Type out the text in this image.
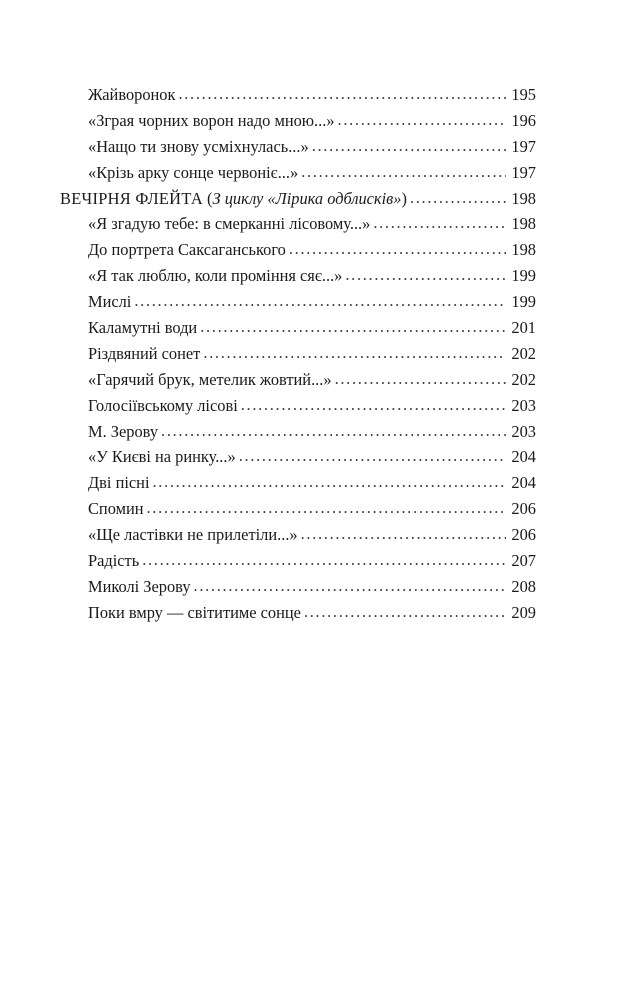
Жайворонок . . .	195
«Зграя чорних ворон надо мною...» . . .	196
«Нащо ти знову усміхнулась...» . . .	197
«Крізь арку сонце червоніє...» . . .	197
ВЕЧІРНЯ ФЛЕЙТА (З циклу «Лірика одблисків») . . .	198
«Я згадую тебе: в смерканні лісовому...» . . .	198
До портрета Саксаганського . . .	198
«Я так люблю, коли проміння сяє...» . . .	199
Мислі . . .	199
Каламутні води . . .	201
Різдвяний сонет . . .	202
«Гарячий брук, метелик жовтий...» . . .	202
Голосіївському лісові . . .	203
М. Зерову . . .	203
«У Києві на ринку...» . . .	204
Дві пісні . . .	204
Спомин . . .	206
«Ще ластівки не прилетіли...» . . .	206
Радість . . .	207
Миколі Зерову . . .	208
Поки вмру — світитиме сонце . . .	209
